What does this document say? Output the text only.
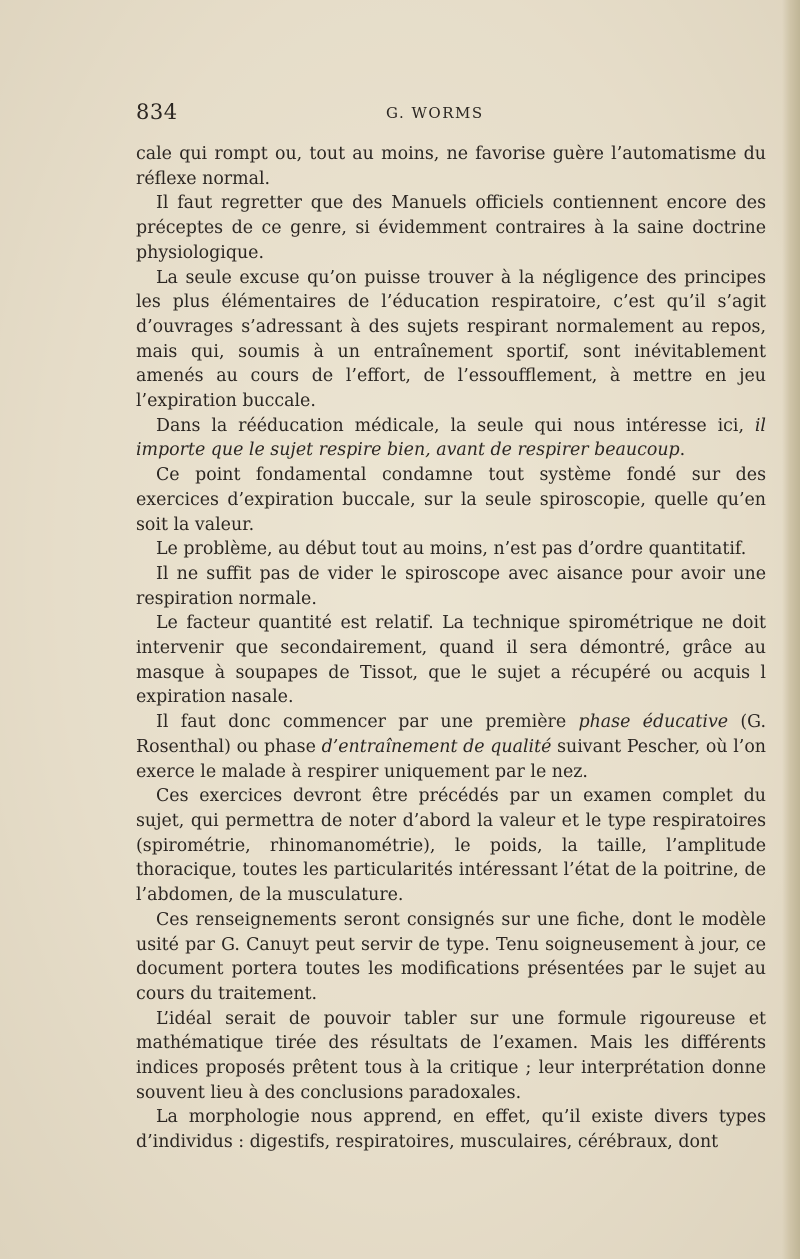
834	G. WORMS

cale qui rompt ou, tout au moins, ne favorise guère l’automatisme du réflexe normal.

Il faut regretter que des Manuels officiels contiennent encore des préceptes de ce genre, si évidemment contraires à la saine doctrine physiologique.

La seule excuse qu’on puisse trouver à la négligence des principes les plus élémentaires de l’éducation respiratoire, c’est qu’il s’agit d’ouvrages s’adressant à des sujets respirant normalement au repos, mais qui, soumis à un entraînement sportif, sont inévitablement amenés au cours de l’effort, de l’essoufflement, à mettre en jeu l’expiration buccale.

Dans la rééducation médicale, la seule qui nous intéresse ici, il importe que le sujet respire bien, avant de respirer beaucoup.

Ce point fondamental condamne tout système fondé sur des exercices d’expiration buccale, sur la seule spiroscopie, quelle qu’en soit la valeur.

Le problème, au début tout au moins, n’est pas d’ordre quantitatif.

Il ne suffit pas de vider le spiroscope avec aisance pour avoir une respiration normale.

Le facteur quantité est relatif. La technique spirométrique ne doit intervenir que secondairement, quand il sera démontré, grâce au masque à soupapes de Tissot, que le sujet a récupéré ou acquis l expiration nasale.

Il faut donc commencer par une première phase éducative (G. Rosenthal) ou phase d’entraînement de qualité suivant Pescher, où l’on exerce le malade à respirer uniquement par le nez.

Ces exercices devront être précédés par un examen complet du sujet, qui permettra de noter d’abord la valeur et le type respiratoires (spirométrie, rhinomanométrie), le poids, la taille, l’amplitude thoracique, toutes les particularités intéressant l’état de la poitrine, de l’abdomen, de la musculature.

Ces renseignements seront consignés sur une fiche, dont le modèle usité par G. Canuyt peut servir de type. Tenu soigneusement à jour, ce document portera toutes les modifications présentées par le sujet au cours du traitement.

L’idéal serait de pouvoir tabler sur une formule rigoureuse et mathématique tirée des résultats de l’examen. Mais les différents indices proposés prêtent tous à la critique ; leur interprétation donne souvent lieu à des conclusions paradoxales.

La morphologie nous apprend, en effet, qu’il existe divers types d’individus : digestifs, respiratoires, musculaires, cérébraux, dont
